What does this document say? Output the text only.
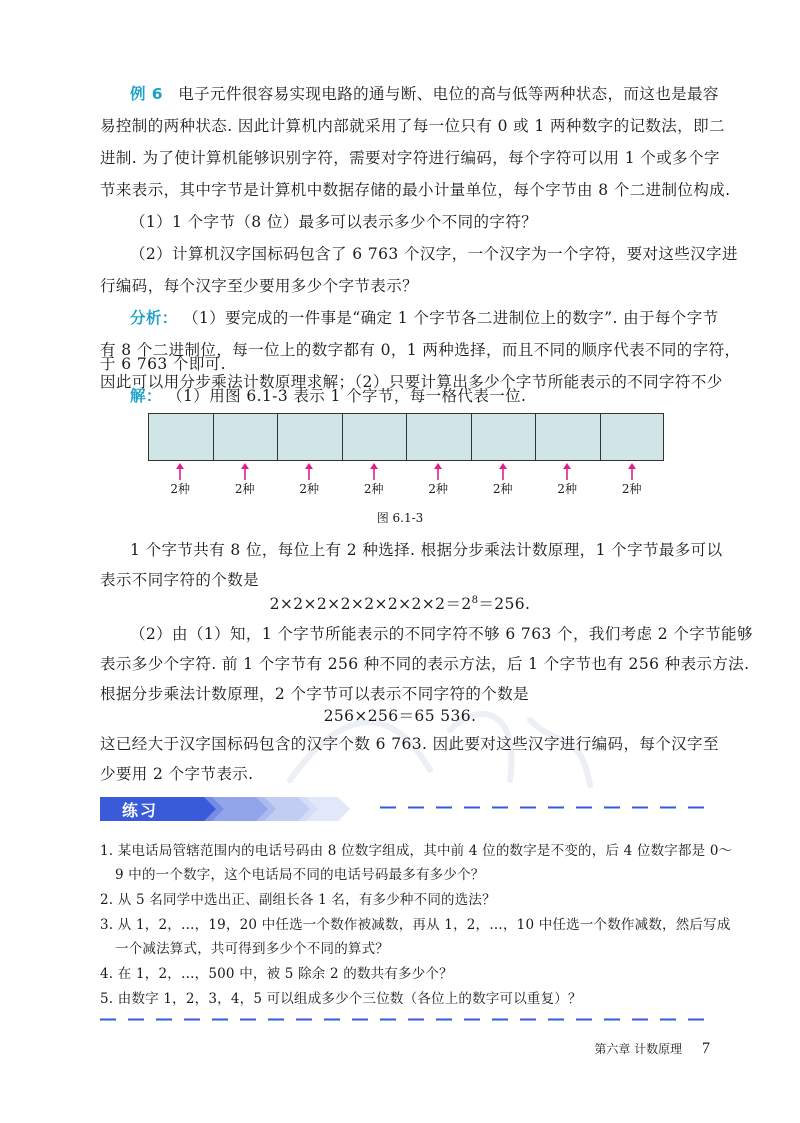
例 6 电子元件很容易实现电路的通与断、电位的高与低等两种状态，而这也是最容
易控制的两种状态. 因此计算机内部就采用了每一位只有 0 或 1 两种数字的记数法，即二
进制. 为了使计算机能够识别字符，需要对字符进行编码，每个字符可以用 1 个或多个字
节来表示，其中字节是计算机中数据存储的最小计量单位，每个字节由 8 个二进制位构成.
（1）1 个字节（8 位）最多可以表示多少个不同的字符？
（2）计算机汉字国标码包含了 6 763 个汉字，一个汉字为一个字符，要对这些汉字进
行编码，每个汉字至少要用多少个字节表示？
分析： （1）要完成的一件事是“确定 1 个字节各二进制位上的数字”. 由于每个字节
有 8 个二进制位，每一位上的数字都有 0，1 两种选择，而且不同的顺序代表不同的字符，
因此可以用分步乘法计数原理求解；（2）只要计算出多少个字节所能表示的不同字符不少
于 6 763 个即可.
解： （1）用图 6.1-3 表示 1 个字节，每一格代表一位.
2种	2种	2种	2种	2种	2种	2种	2种
图 6.1-3
1 个字节共有 8 位，每位上有 2 种选择. 根据分步乘法计数原理，1 个字节最多可以
表示不同字符的个数是
$2\times 2\times 2\times 2\times 2\times 2\times 2\times 2=2^8=256$.
（2）由（1）知，1 个字节所能表示的不同字符不够 6 763 个，我们考虑 2 个字节能够
表示多少个字符. 前 1 个字节有 256 种不同的表示方法，后 1 个字节也有 256 种表示方法.
根据分步乘法计数原理，2 个字节可以表示不同字符的个数是
256×256＝65 536.
这已经大于汉字国标码包含的汉字个数 6 763. 因此要对这些汉字进行编码，每个汉字至
少要用 2 个字节表示.
练习
1. 某电话局管辖范围内的电话号码由 8 位数字组成，其中前 4 位的数字是不变的，后 4 位数字都是 0～
9 中的一个数字，这个电话局不同的电话号码最多有多少个？
2. 从 5 名同学中选出正、副组长各 1 名，有多少种不同的选法？
3. 从 1，2，…，19，20 中任选一个数作被减数，再从 1，2，…，10 中任选一个数作减数，然后写成
一个减法算式，共可得到多少个不同的算式？
4. 在 1，2，…，500 中，被 5 除余 2 的数共有多少个？
5. 由数字 1，2，3，4，5 可以组成多少个三位数（各位上的数字可以重复）？
第六章 计数原理 7
